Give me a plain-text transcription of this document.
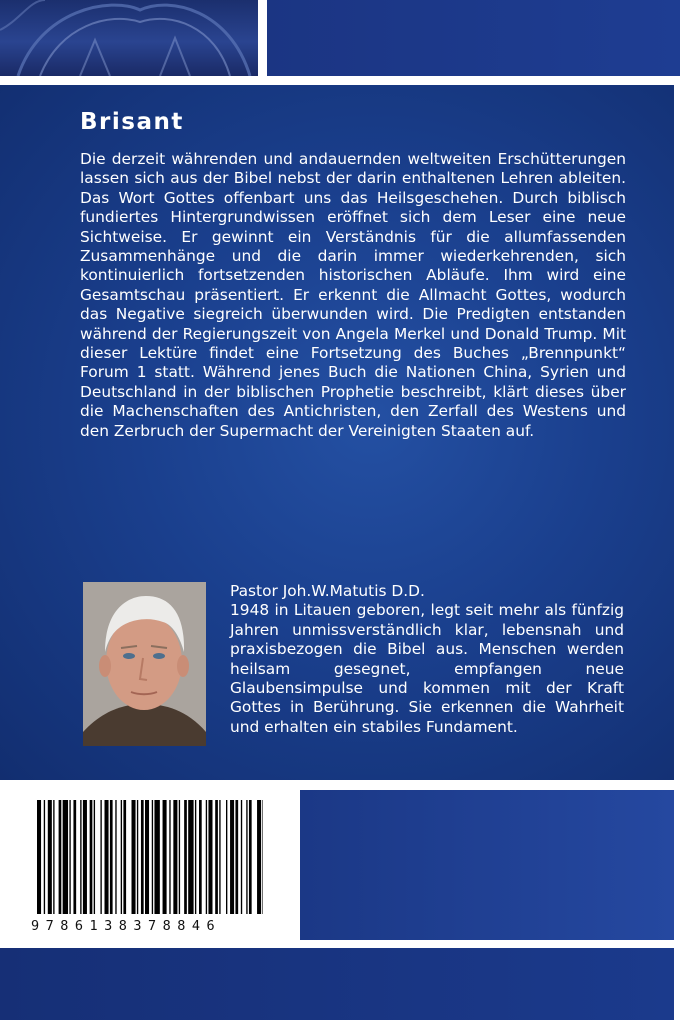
Brisant

Die derzeit währenden und andauernden weltweiten Erschütterungen lassen sich aus der Bibel nebst der darin enthaltenen Lehren ableiten. Das Wort Gottes offenbart uns das Heilsgeschehen. Durch biblisch fundiertes Hintergrundwissen eröffnet sich dem Leser eine neue Sichtweise. Er gewinnt ein Verständnis für die allumfassenden Zusammenhänge und die darin immer wiederkehrenden, sich kontinuierlich fortsetzenden historischen Abläufe. Ihm wird eine Gesamtschau präsentiert. Er erkennt die Allmacht Gottes, wodurch das Negative siegreich überwunden wird. Die Predigten entstanden während der Regierungszeit von Angela Merkel und Donald Trump. Mit dieser Lektüre findet eine Fortsetzung des Buches „Brennpunkt“ Forum 1 statt. Während jenes Buch die Nationen China, Syrien und Deutschland in der biblischen Prophetie beschreibt, klärt dieses über die Machenschaften des Antichristen, den Zerfall des Westens und den Zerbruch der Supermacht der Vereinigten Staaten auf.

Pastor Joh.W.Matutis D.D.

1948 in Litauen geboren, legt seit mehr als fünfzig Jahren unmissverständlich klar, lebensnah und praxisbezogen die Bibel aus. Menschen werden heilsam gesegnet, empfangen neue Glaubensimpulse und kommen mit der Kraft Gottes in Berührung. Sie erkennen die Wahrheit und erhalten ein stabiles Fundament.

9786138378846
